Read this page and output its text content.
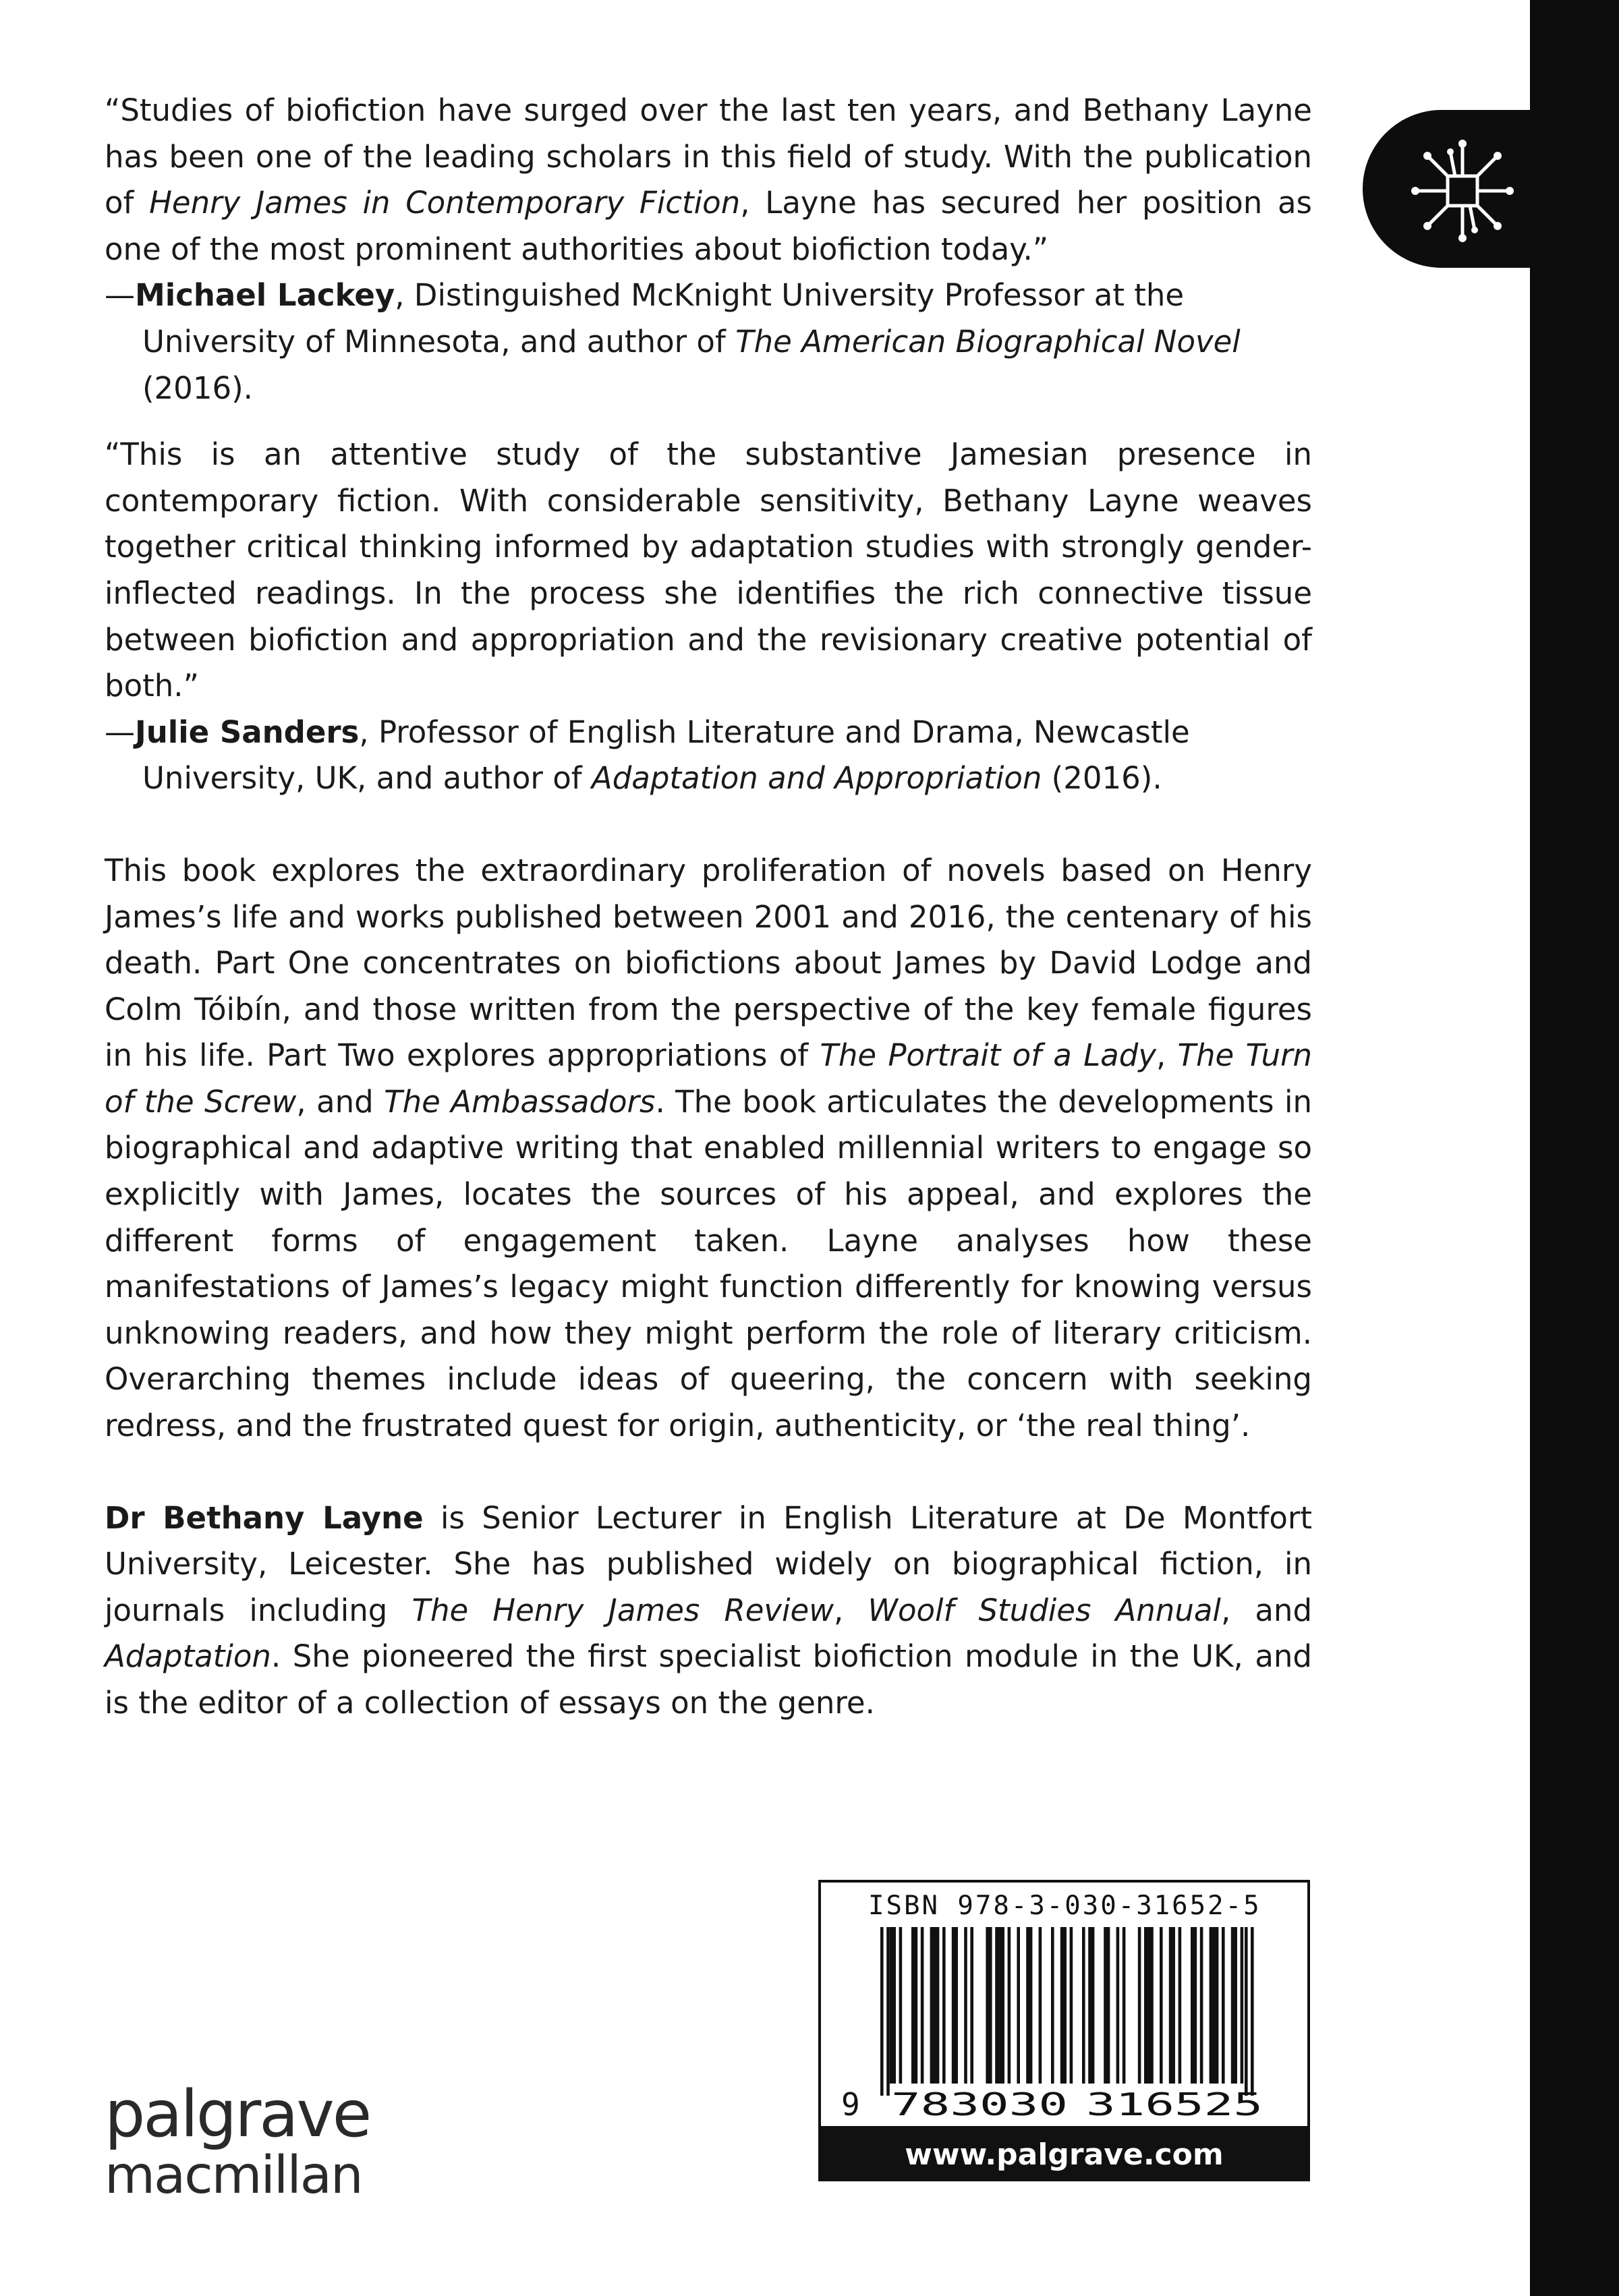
“Studies of biofiction have surged over the last ten years, and Bethany Layne has been one of the leading scholars in this field of study. With the publication of Henry James in Contemporary Fiction, Layne has secured her position as one of the most prominent authorities about biofiction today.”

—Michael Lackey, Distinguished McKnight University Professor at the University of Minnesota, and author of The American Biographical Novel (2016).

“This is an attentive study of the substantive Jamesian presence in contemporary fiction. With considerable sensitivity, Bethany Layne weaves together critical thinking informed by adaptation studies with strongly gender-inflected readings. In the process she identifies the rich connective tissue between biofiction and appropriation and the revisionary creative potential of both.”

—Julie Sanders, Professor of English Literature and Drama, Newcastle University, UK, and author of Adaptation and Appropriation (2016).

This book explores the extraordinary proliferation of novels based on Henry James’s life and works published between 2001 and 2016, the centenary of his death. Part One concentrates on biofictions about James by David Lodge and Colm Tóibín, and those written from the perspective of the key female figures in his life. Part Two explores appropriations of The Portrait of a Lady, The Turn of the Screw, and The Ambassadors. The book articulates the developments in biographical and adaptive writing that enabled millennial writers to engage so explicitly with James, locates the sources of his appeal, and explores the different forms of engagement taken. Layne analyses how these manifestations of James’s legacy might function differently for knowing versus unknowing readers, and how they might perform the role of literary criticism. Overarching themes include ideas of queering, the concern with seeking redress, and the frustrated quest for origin, authenticity, or ‘the real thing’.

Dr Bethany Layne is Senior Lecturer in English Literature at De Montfort University, Leicester. She has published widely on biographical fiction, in journals including The Henry James Review, Woolf Studies Annual, and Adaptation. She pioneered the first specialist biofiction module in the UK, and is the editor of a collection of essays on the genre.

palgrave
macmillan
ISBN 978-3-030-31652-5
9 783030 316525
www.palgrave.com
